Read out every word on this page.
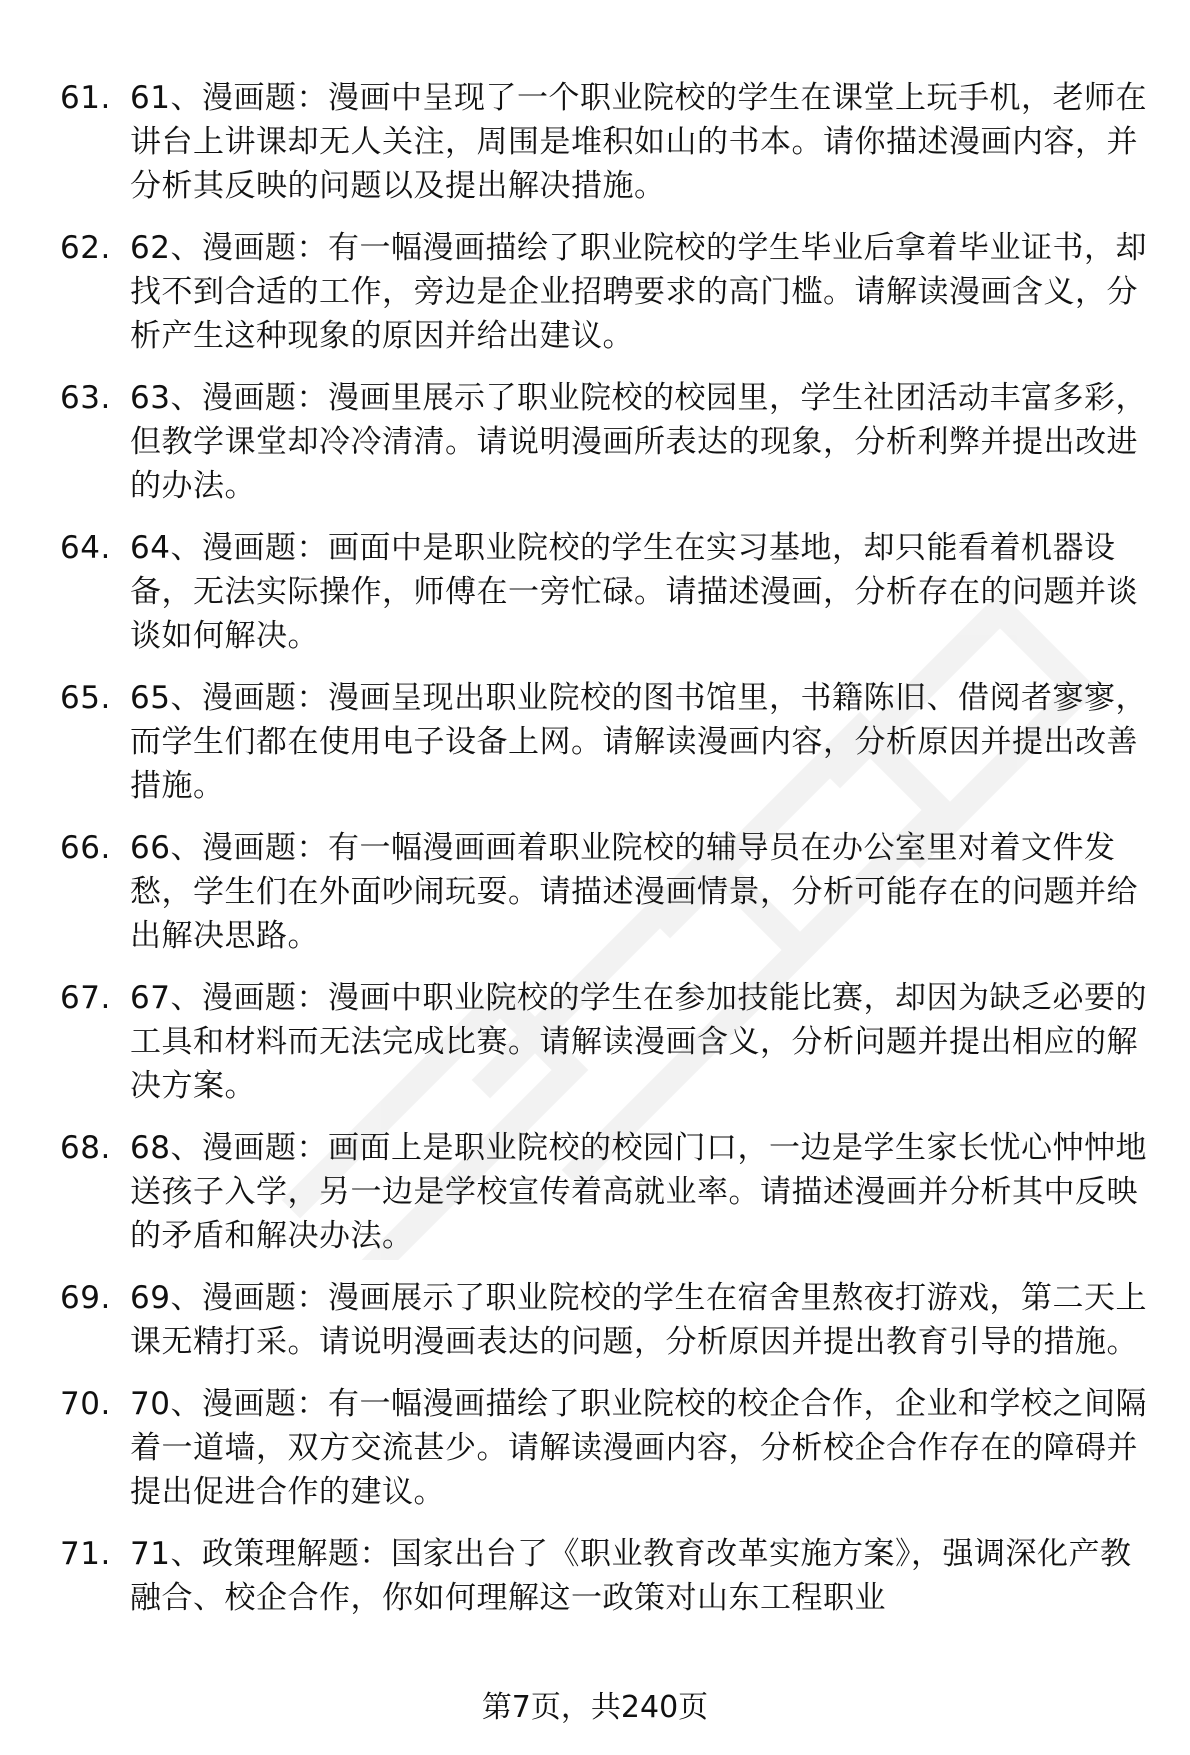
61. 61、漫画题：漫画中呈现了一个职业院校的学生在课堂上玩手机，老师在讲台上讲课却无人关注，周围是堆积如山的书本。请你描述漫画内容，并分析其反映的问题以及提出解决措施。
62. 62、漫画题：有一幅漫画描绘了职业院校的学生毕业后拿着毕业证书，却找不到合适的工作，旁边是企业招聘要求的高门槛。请解读漫画含义，分析产生这种现象的原因并给出建议。
63. 63、漫画题：漫画里展示了职业院校的校园里，学生社团活动丰富多彩，但教学课堂却冷冷清清。请说明漫画所表达的现象，分析利弊并提出改进的办法。
64. 64、漫画题：画面中是职业院校的学生在实习基地，却只能看着机器设备，无法实际操作，师傅在一旁忙碌。请描述漫画，分析存在的问题并谈谈如何解决。
65. 65、漫画题：漫画呈现出职业院校的图书馆里，书籍陈旧、借阅者寥寥，而学生们都在使用电子设备上网。请解读漫画内容，分析原因并提出改善措施。
66. 66、漫画题：有一幅漫画画着职业院校的辅导员在办公室里对着文件发愁，学生们在外面吵闹玩耍。请描述漫画情景，分析可能存在的问题并给出解决思路。
67. 67、漫画题：漫画中职业院校的学生在参加技能比赛，却因为缺乏必要的工具和材料而无法完成比赛。请解读漫画含义，分析问题并提出相应的解决方案。
68. 68、漫画题：画面上是职业院校的校园门口，一边是学生家长忧心忡忡地送孩子入学，另一边是学校宣传着高就业率。请描述漫画并分析其中反映的矛盾和解决办法。
69. 69、漫画题：漫画展示了职业院校的学生在宿舍里熬夜打游戏，第二天上课无精打采。请说明漫画表达的问题，分析原因并提出教育引导的措施。
70. 70、漫画题：有一幅漫画描绘了职业院校的校企合作，企业和学校之间隔着一道墙，双方交流甚少。请解读漫画内容，分析校企合作存在的障碍并提出促进合作的建议。
71. 71、政策理解题：国家出台了《职业教育改革实施方案》，强调深化产教融合、校企合作，你如何理解这一政策对山东工程职业
第7页，共240页
